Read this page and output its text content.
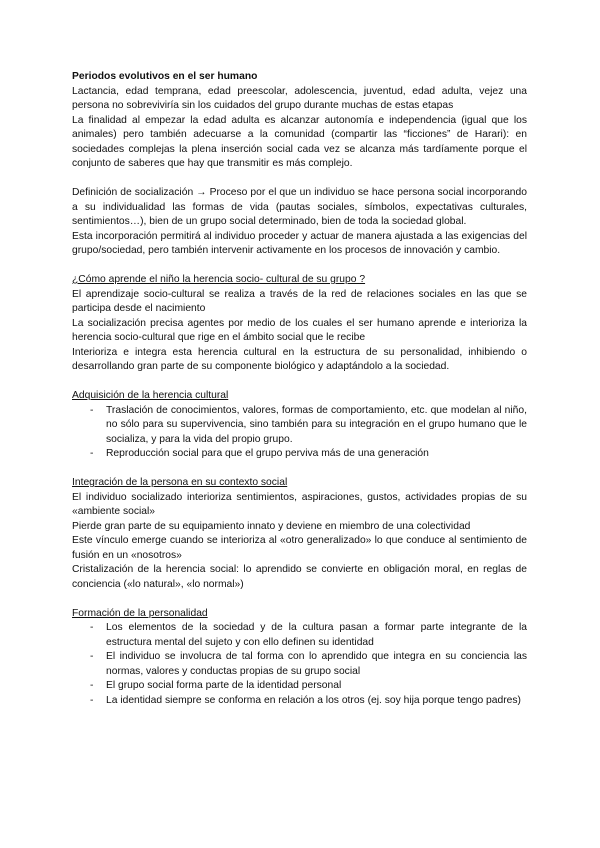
Periodos evolutivos en el ser humano

Lactancia, edad temprana, edad preescolar, adolescencia, juventud, edad adulta, vejez una persona no sobreviviría sin los cuidados del grupo durante muchas de estas etapas

La finalidad al empezar la edad adulta es alcanzar autonomía e independencia (igual que los animales) pero también adecuarse a la comunidad (compartir las “ficciones” de Harari): en sociedades complejas la plena inserción social cada vez se alcanza más tardíamente porque el conjunto de saberes que hay que transmitir es más complejo.

Definición de socialización → Proceso por el que un individuo se hace persona social incorporando a su individualidad las formas de vida (pautas sociales, símbolos, expectativas culturales, sentimientos…), bien de un grupo social determinado, bien de toda la sociedad global.

Esta incorporación permitirá al individuo proceder y actuar de manera ajustada a las exigencias del grupo/sociedad, pero también intervenir activamente en los procesos de innovación y cambio.

¿Cómo aprende el niño la herencia socio- cultural de su grupo ?

El aprendizaje socio-cultural se realiza a través de la red de relaciones sociales en las que se participa desde el nacimiento

La socialización precisa agentes por medio de los cuales el ser humano aprende e interioriza la herencia socio-cultural que rige en el ámbito social que le recibe

Interioriza e integra esta herencia cultural en la estructura de su personalidad, inhibiendo o desarrollando gran parte de su componente biológico y adaptándolo a la sociedad.

Adquisición de la herencia cultural

- Traslación de conocimientos, valores, formas de comportamiento, etc. que modelan al niño, no sólo para su supervivencia, sino también para su integración en el grupo humano que le socializa, y para la vida del propio grupo.
- Reproducción social para que el grupo perviva más de una generación

Integración de la persona en su contexto social

El individuo socializado interioriza sentimientos, aspiraciones, gustos, actividades propias de su «ambiente social»

Pierde gran parte de su equipamiento innato y deviene en miembro de una colectividad

Este vínculo emerge cuando se interioriza al «otro generalizado» lo que conduce al sentimiento de fusión en un «nosotros»

Cristalización de la herencia social: lo aprendido se convierte en obligación moral, en reglas de conciencia («lo natural», «lo normal»)

Formación de la personalidad

- Los elementos de la sociedad y de la cultura pasan a formar parte integrante de la estructura mental del sujeto y con ello definen su identidad
- El individuo se involucra de tal forma con lo aprendido que integra en su conciencia las normas, valores y conductas propias de su grupo social
- El grupo social forma parte de la identidad personal
- La identidad siempre se conforma en relación a los otros (ej. soy hija porque tengo padres)
